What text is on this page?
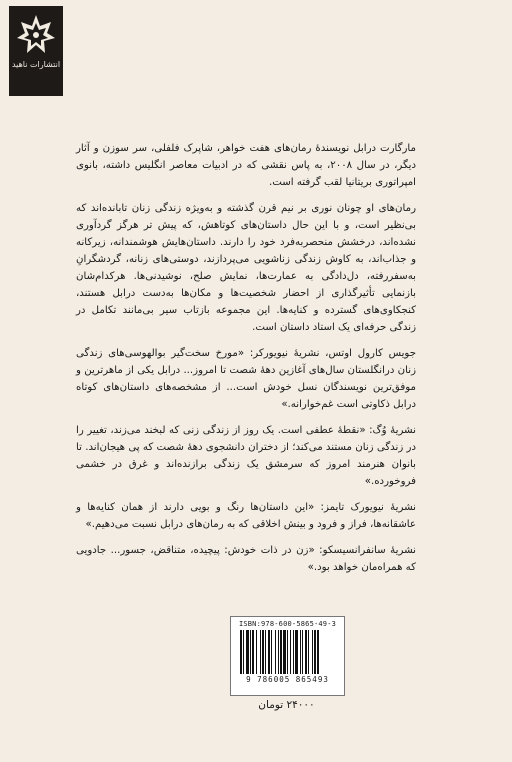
انتشارات ناهید

مارگارت درابل نویسندهٔ رمان‌های هفت خواهر، شاپرک فلفلی، سر سوزن و آثار دیگر، در سال ۲۰۰۸، به پاس نقشی که در ادبیات معاصر انگلیس داشته، بانوی امپراتوری بریتانیا لقب گرفته است.

رمان‌های او چونان نوری بر نیم قرن گذشته و به‌ویژه زندگی زنان تابانده‌اند که بی‌نظیر است، و با این حال داستان‌های کوتاهش، که پیش تر هرگز گردآوری نشده‌اند، درخشش منحصربه‌فرد خود را دارند. داستان‌هایش هوشمندانه، زیرکانه و جذاب‌اند، به کاوش زندگی زناشویی می‌پردازند، دوستی‌های زنانه، گردشگرانِ به‌سفررفته، دل‌دادگی به عمارت‌ها، نمایش صلح، نوشیدنی‌ها. هرکدام‌شان بازنمایی تأثیرگذاری از احضار شخصیت‌ها و مکان‌ها به‌دست درابل هستند، کنجکاوی‌های گسترده و کنایه‌ها. این مجموعه بازتاب سیر بی‌مانند تکامل در زندگی حرفه‌ای یک استاد داستان است.

جویس کارول اوتس، نشریهٔ نیویورکر: «مورخ سخت‌گیر بوالهوسی‌های زندگی زنان درانگلستان سال‌های آغازین دههٔ شصت تا امروز... درابل یکی از ماهرترین و موفق‌ترین نویسندگان نسل خودش است... از مشخصه‌های داستان‌های کوتاه درابل ذکاوتی است غم‌خوارانه.»

نشریهٔ وُگ: «نقطهٔ عطفی است. یک روز از زندگی زنی که لبخند می‌زند، تغییر را در زندگی زنان مستند می‌کند؛ از دختران دانشجوی دههٔ شصت که پی هیجان‌اند. تا بانوان هنرمند امروز که سرمشق یک زندگی برازنده‌اند و غرق در خشمی فروخورده.»

نشریهٔ نیویورک تایمز: «این داستان‌ها رنگ و بویی دارند از همان کنایه‌ها و عاشقانه‌ها، فراز و فرود و بینش اخلاقی که به رمان‌های درابل نسبت می‌دهیم.»

نشریهٔ سانفرانسیسکو: «زن در ذات خودش: پیچیده، متناقض، جسور... جادویی که همراه‌مان خواهد بود.»

ISBN:978-600-5865-49-3
9 786005 865493
۲۴۰۰۰ تومان
